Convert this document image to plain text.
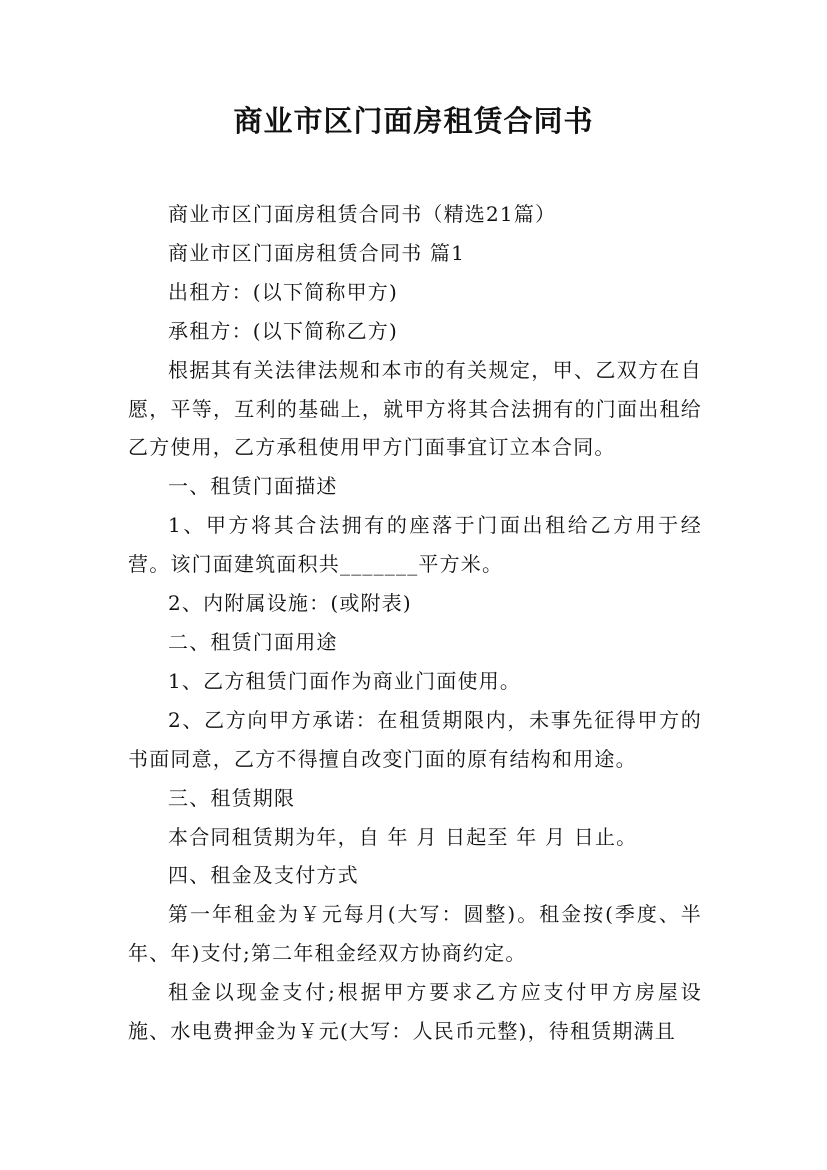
商业市区门面房租赁合同书

商业市区门面房租赁合同书（精选21篇）

商业市区门面房租赁合同书 篇1

出租方：(以下简称甲方)

承租方：(以下简称乙方)

根据其有关法律法规和本市的有关规定，甲、乙双方在自愿，平等，互利的基础上，就甲方将其合法拥有的门面出租给乙方使用，乙方承租使用甲方门面事宜订立本合同。

一、租赁门面描述

1、甲方将其合法拥有的座落于门面出租给乙方用于经营。该门面建筑面积共_______平方米。

2、内附属设施：(或附表)

二、租赁门面用途

1、乙方租赁门面作为商业门面使用。

2、乙方向甲方承诺：在租赁期限内，未事先征得甲方的书面同意，乙方不得擅自改变门面的原有结构和用途。

三、租赁期限

本合同租赁期为年，自 年 月 日起至 年 月 日止。

四、租金及支付方式

第一年租金为￥元每月(大写：圆整)。租金按(季度、半年、年)支付;第二年租金经双方协商约定。

租金以现金支付;根据甲方要求乙方应支付甲方房屋设施、水电费押金为￥元(大写：人民币元整)，待租赁期满且
